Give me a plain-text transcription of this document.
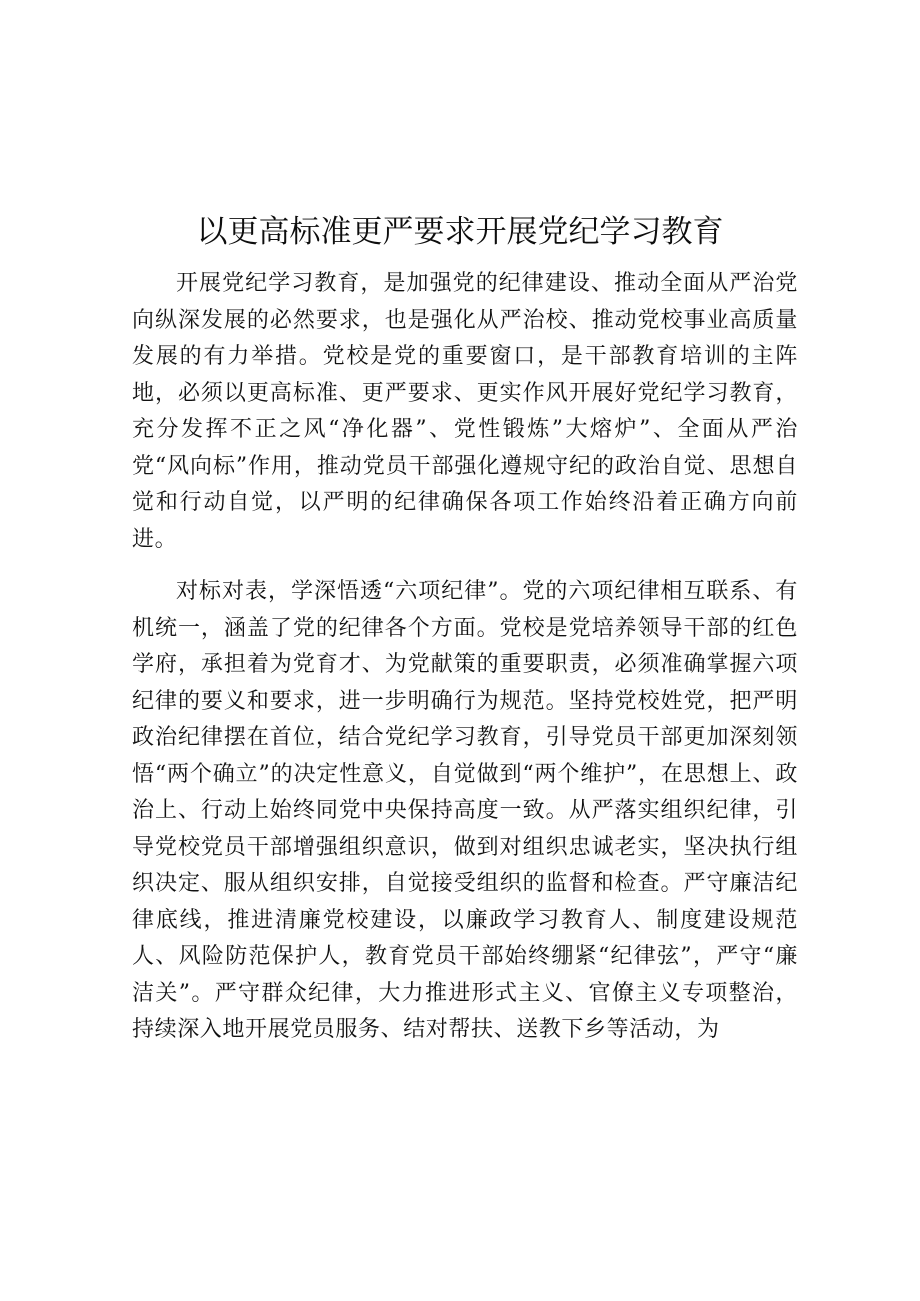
以更高标准更严要求开展党纪学习教育

开展党纪学习教育，是加强党的纪律建设、推动全面从严治党向纵深发展的必然要求，也是强化从严治校、推动党校事业高质量发展的有力举措。党校是党的重要窗口，是干部教育培训的主阵地，必须以更高标准、更严要求、更实作风开展好党纪学习教育，充分发挥不正之风“净化器”、党性锻炼”大熔炉”、全面从严治党“风向标”作用，推动党员干部强化遵规守纪的政治自觉、思想自觉和行动自觉，以严明的纪律确保各项工作始终沿着正确方向前进。

对标对表，学深悟透“六项纪律”。党的六项纪律相互联系、有机统一，涵盖了党的纪律各个方面。党校是党培养领导干部的红色学府，承担着为党育才、为党献策的重要职责，必须准确掌握六项纪律的要义和要求，进一步明确行为规范。坚持党校姓党，把严明政治纪律摆在首位，结合党纪学习教育，引导党员干部更加深刻领悟“两个确立”的决定性意义，自觉做到“两个维护”，在思想上、政治上、行动上始终同党中央保持高度一致。从严落实组织纪律，引导党校党员干部增强组织意识，做到对组织忠诚老实，坚决执行组织决定、服从组织安排，自觉接受组织的监督和检查。严守廉洁纪律底线，推进清廉党校建设，以廉政学习教育人、制度建设规范人、风险防范保护人，教育党员干部始终绷紧“纪律弦”，严守“廉洁关”。严守群众纪律，大力推进形式主义、官僚主义专项整治，持续深入地开展党员服务、结对帮扶、送教下乡等活动，为
